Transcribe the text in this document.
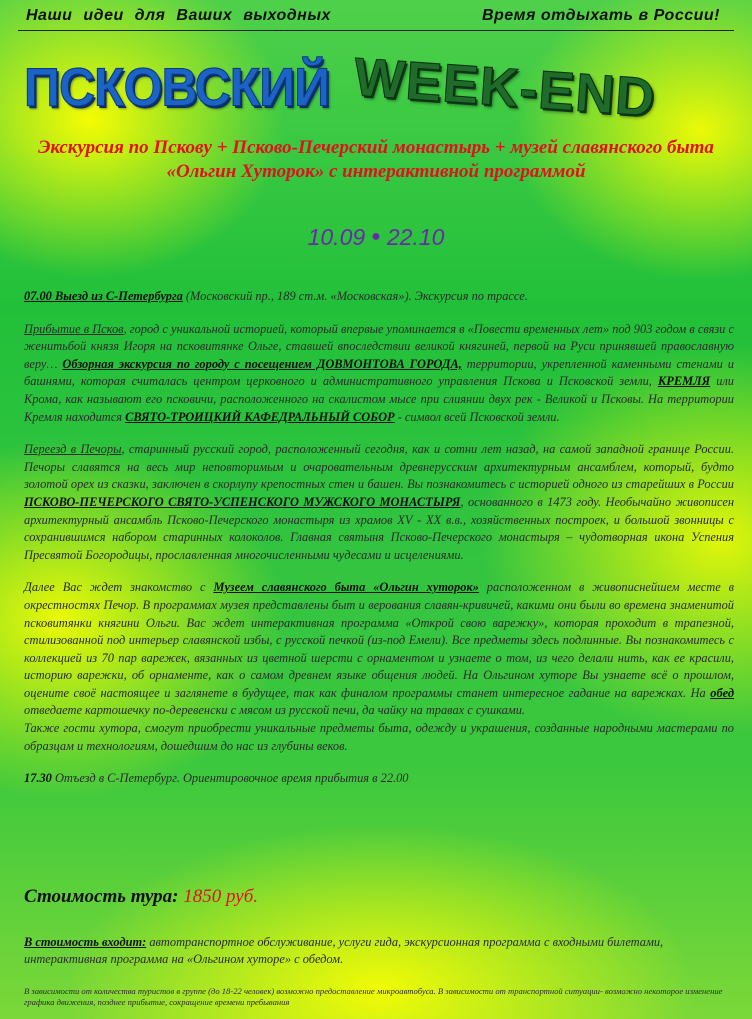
Наши идеи для Ваших выходных	Время отдыхать в России!
ПСКОВСКИЙ WEEK-END
Экскурсия по Пскову + Псково-Печерский монастырь + музей славянского быта «Ольгин Хуторок» с интерактивной программой
10.09 ● 22.10

07.00 Выезд из С-Петербурга (Московский пр., 189 ст.м. «Московская»). Экскурсия по трассе.

Прибытие в Псков, город с уникальной историей, который впервые упоминается в «Повести временных лет» под 903 годом в связи с женитьбой князя Игоря на псковитянке Ольге, ставшей впоследствии великой княгиней, первой на Руси принявшей православную веру… Обзорная экскурсия по городу с посещением ДОВМОНТОВА ГОРОДА, территории, укрепленной каменными стенами и башнями, которая считалась центром церковного и административного управления Пскова и Псковской земли, КРЕМЛЯ или Крома, как называют его псковичи, расположенного на скалистом мысе при слиянии двух рек - Великой и Псковы. На территории Кремля находится СВЯТО-ТРОИЦКИЙ КАФЕДРАЛЬНЫЙ СОБОР - символ всей Псковской земли.

Переезд в Печоры, старинный русский город, расположенный сегодня, как и сотни лет назад, на самой западной границе России. Печоры славятся на весь мир неповторимым и очаровательным древнерусским архитектурным ансамблем, который, будто золотой орех из сказки, заключен в скорлупу крепостных стен и башен. Вы познакомитесь с историей одного из старейших в России ПСКОВО-ПЕЧЕРСКОГО СВЯТО-УСПЕНСКОГО МУЖСКОГО МОНАСТЫРЯ, основанного в 1473 году. Необычайно живописен архитектурный ансамбль Псково-Печерского монастыря из храмов XV - XX в.в., хозяйственных построек, и большой звонницы с сохранившимся набором старинных колоколов. Главная святыня Псково-Печерского монастыря – чудотворная икона Успения Пресвятой Богородицы, прославленная многочисленными чудесами и исцелениями.

Далее Вас ждет знакомство с Музеем славянского быта «Ольгин хуторок» расположенном в живописнейшем месте в окрестностях Печор. В программах музея представлены быт и верования славян-кривичей, какими они были во времена знаменитой псковитянки княгини Ольги. Вас ждет интерактивная программа «Открой свою варежку», которая проходит в трапезной, стилизованной под интерьер славянской избы, с русской печкой (из-под Емели). Все предметы здесь подлинные. Вы познакомитесь с коллекцией из 70 пар варежек, вязанных из цветной шерсти с орнаментом и узнаете о том, из чего делали нить, как ее красили, историю варежки, об орнаменте, как о самом древнем языке общения людей. На Ольгином хуторе Вы узнаете всё о прошлом, оцените своё настоящее и заглянете в будущее, так как финалом программы станет интересное гадание на варежках. На обед отведаете картошечку по-деревенски с мясом из русской печи, да чайку на травах с сушками.
Также гости хутора, смогут приобрести уникальные предметы быта, одежду и украшения, созданные народными мастерами по образцам и технологиям, дошедшим до нас из глубины веков.

17.30 Отъезд в С-Петербург. Ориентировочное время прибытия в 22.00

Стоимость тура: 1850 руб.
В стоимость входит: автотранспортное обслуживание, услуги гида, экскурсионная программа с входными билетами, интерактивная программа на «Ольгином хуторе» с обедом.
В зависимости от количества туристов в группе (до 18-22 человек) возможно предоставление микроавтобуса. В зависимости от транспортной ситуации- возможно некоторое изменение графика движения, позднее прибытие, сокращение времени пребывания
